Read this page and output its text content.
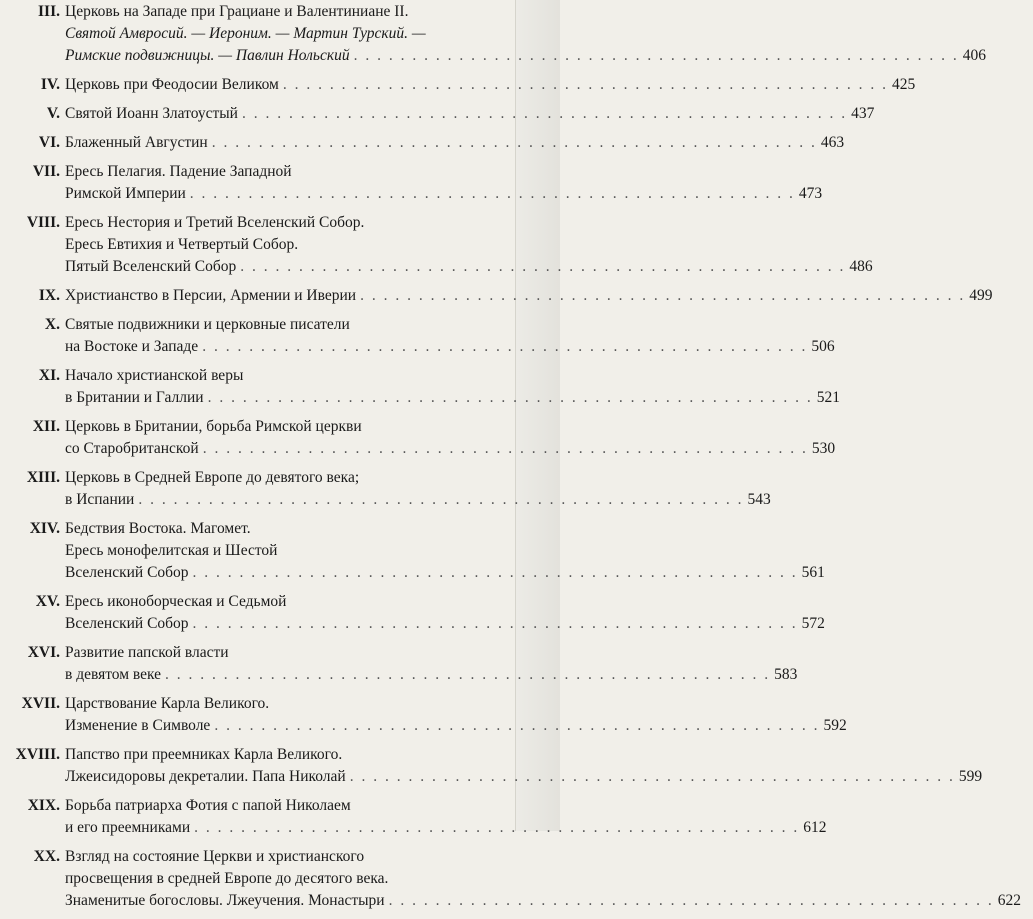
III. Церковь на Западе при Грациане и Валентиниане II.
Святой Амвросий. — Иероним. — Мартин Турский. —
Римские подвижницы. — Павлин Нольский . . . . . . . . . . . . . . . . . . . . . . . . . . . . . . . . . . . . . . . . . . . . . . . . . . . . 406
IV. Церковь при Феодосии Великом . . . . . . . . . . . . . . . . . . . . . . . . . . . . . . . . . . . . . . . . . . . . . . . . . . . . 425
V. Святой Иоанн Златоустый . . . . . . . . . . . . . . . . . . . . . . . . . . . . . . . . . . . . . . . . . . . . . . . . . . . . 437
VI. Блаженный Августин . . . . . . . . . . . . . . . . . . . . . . . . . . . . . . . . . . . . . . . . . . . . . . . . . . . . 463
VII. Ересь Пелагия. Падение Западной
Римской Империи . . . . . . . . . . . . . . . . . . . . . . . . . . . . . . . . . . . . . . . . . . . . . . . . . . . . 473
VIII. Ересь Нестория и Третий Вселенский Собор.
Ересь Евтихия и Четвертый Собор.
Пятый Вселенский Собор . . . . . . . . . . . . . . . . . . . . . . . . . . . . . . . . . . . . . . . . . . . . . . . . . . . . 486
IX. Христианство в Персии, Армении и Иверии . . . . . . . . . . . . . . . . . . . . . . . . . . . . . . . . . . . . . . . . . . . . . . . . . . . . 499
X. Святые подвижники и церковные писатели
на Востоке и Западе . . . . . . . . . . . . . . . . . . . . . . . . . . . . . . . . . . . . . . . . . . . . . . . . . . . . 506
XI. Начало христианской веры
в Британии и Галлии . . . . . . . . . . . . . . . . . . . . . . . . . . . . . . . . . . . . . . . . . . . . . . . . . . . . 521
XII. Церковь в Британии, борьба Римской церкви
со Старобританской . . . . . . . . . . . . . . . . . . . . . . . . . . . . . . . . . . . . . . . . . . . . . . . . . . . . 530
XIII. Церковь в Средней Европе до девятого века;
в Испании . . . . . . . . . . . . . . . . . . . . . . . . . . . . . . . . . . . . . . . . . . . . . . . . . . . . 543
XIV. Бедствия Востока. Магомет.
Ересь монофелитская и Шестой
Вселенский Собор . . . . . . . . . . . . . . . . . . . . . . . . . . . . . . . . . . . . . . . . . . . . . . . . . . . . 561
XV. Ересь иконоборческая и Седьмой
Вселенский Собор . . . . . . . . . . . . . . . . . . . . . . . . . . . . . . . . . . . . . . . . . . . . . . . . . . . . 572
XVI. Развитие папской власти
в девятом веке . . . . . . . . . . . . . . . . . . . . . . . . . . . . . . . . . . . . . . . . . . . . . . . . . . . . 583
XVII. Царствование Карла Великого.
Изменение в Символе . . . . . . . . . . . . . . . . . . . . . . . . . . . . . . . . . . . . . . . . . . . . . . . . . . . . 592
XVIII. Папство при преемниках Карла Великого.
Лжеисидоровы декреталии. Папа Николай . . . . . . . . . . . . . . . . . . . . . . . . . . . . . . . . . . . . . . . . . . . . . . . . . . . . 599
XIX. Борьба патриарха Фотия с папой Николаем
и его преемниками . . . . . . . . . . . . . . . . . . . . . . . . . . . . . . . . . . . . . . . . . . . . . . . . . . . . 612
XX. Взгляд на состояние Церкви и христианского
просвещения в средней Европе до десятого века.
Знаменитые богословы. Лжеучения. Монастыри . . . . . . . . . . . . . . . . . . . . . . . . . . . . . . . . . . . . . . . . . . . . . . . . . . . . 622
